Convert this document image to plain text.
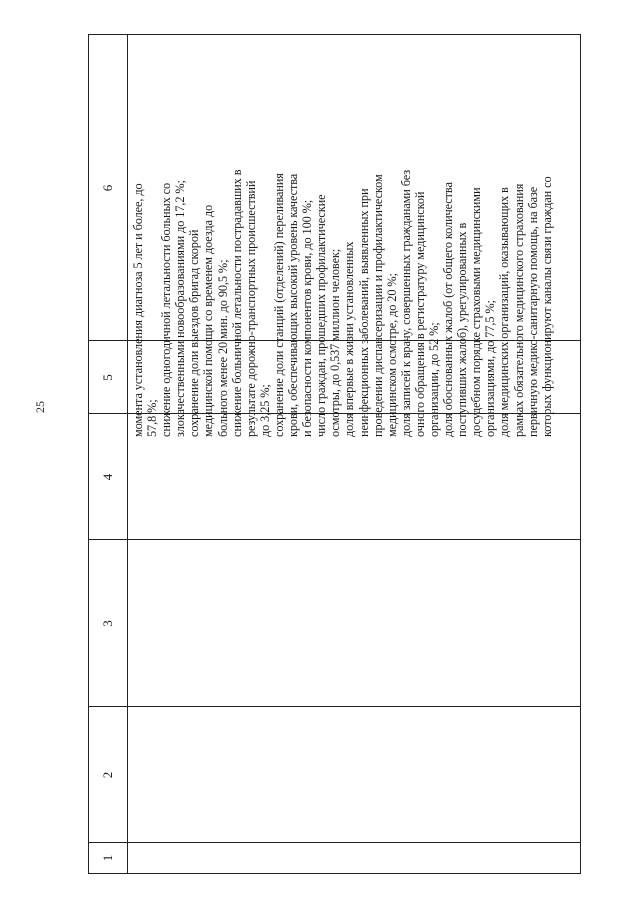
25
1
2
3
4
5
6	момента установления диагноза 5 лет и более, до 57,8 %; снижение одногодичной летальности больных со злокачественными новообразованиями до 17,2 %; сохранение доли выездов бригад скорой медицинской помощи со временем доезда до больного менее 20 мин. до 90,5 %; снижение больничной летальности пострадавших в результате дорожно-транспортных происшествий до 3,25 %; сохранение доли станций (отделений) переливания крови, обеспечивающих высокий уровень качества и безопасности компонентов крови, до 100 %; число граждан, прошедших профилактические осмотры, до 0,537 миллион человек; доля впервые в жизни установленных неинфекционных заболеваний, выявленных при проведении диспансеризации и профилактическом медицинском осмотре, до 20 %; доля записей к врачу, совершенных гражданами без очного обращения в регистратуру медицинской организации, до 52 %; доля обоснованных жалоб (от общего количества поступивших жалоб), урегулированных в досудебном порядке страховыми медицинскими организациями, до 77,5 %; доля медицинских организаций, оказывающих в рамках обязательного медицинского страхования первичную медико-санитарную помощь, на базе которых функционируют каналы связи граждан со
